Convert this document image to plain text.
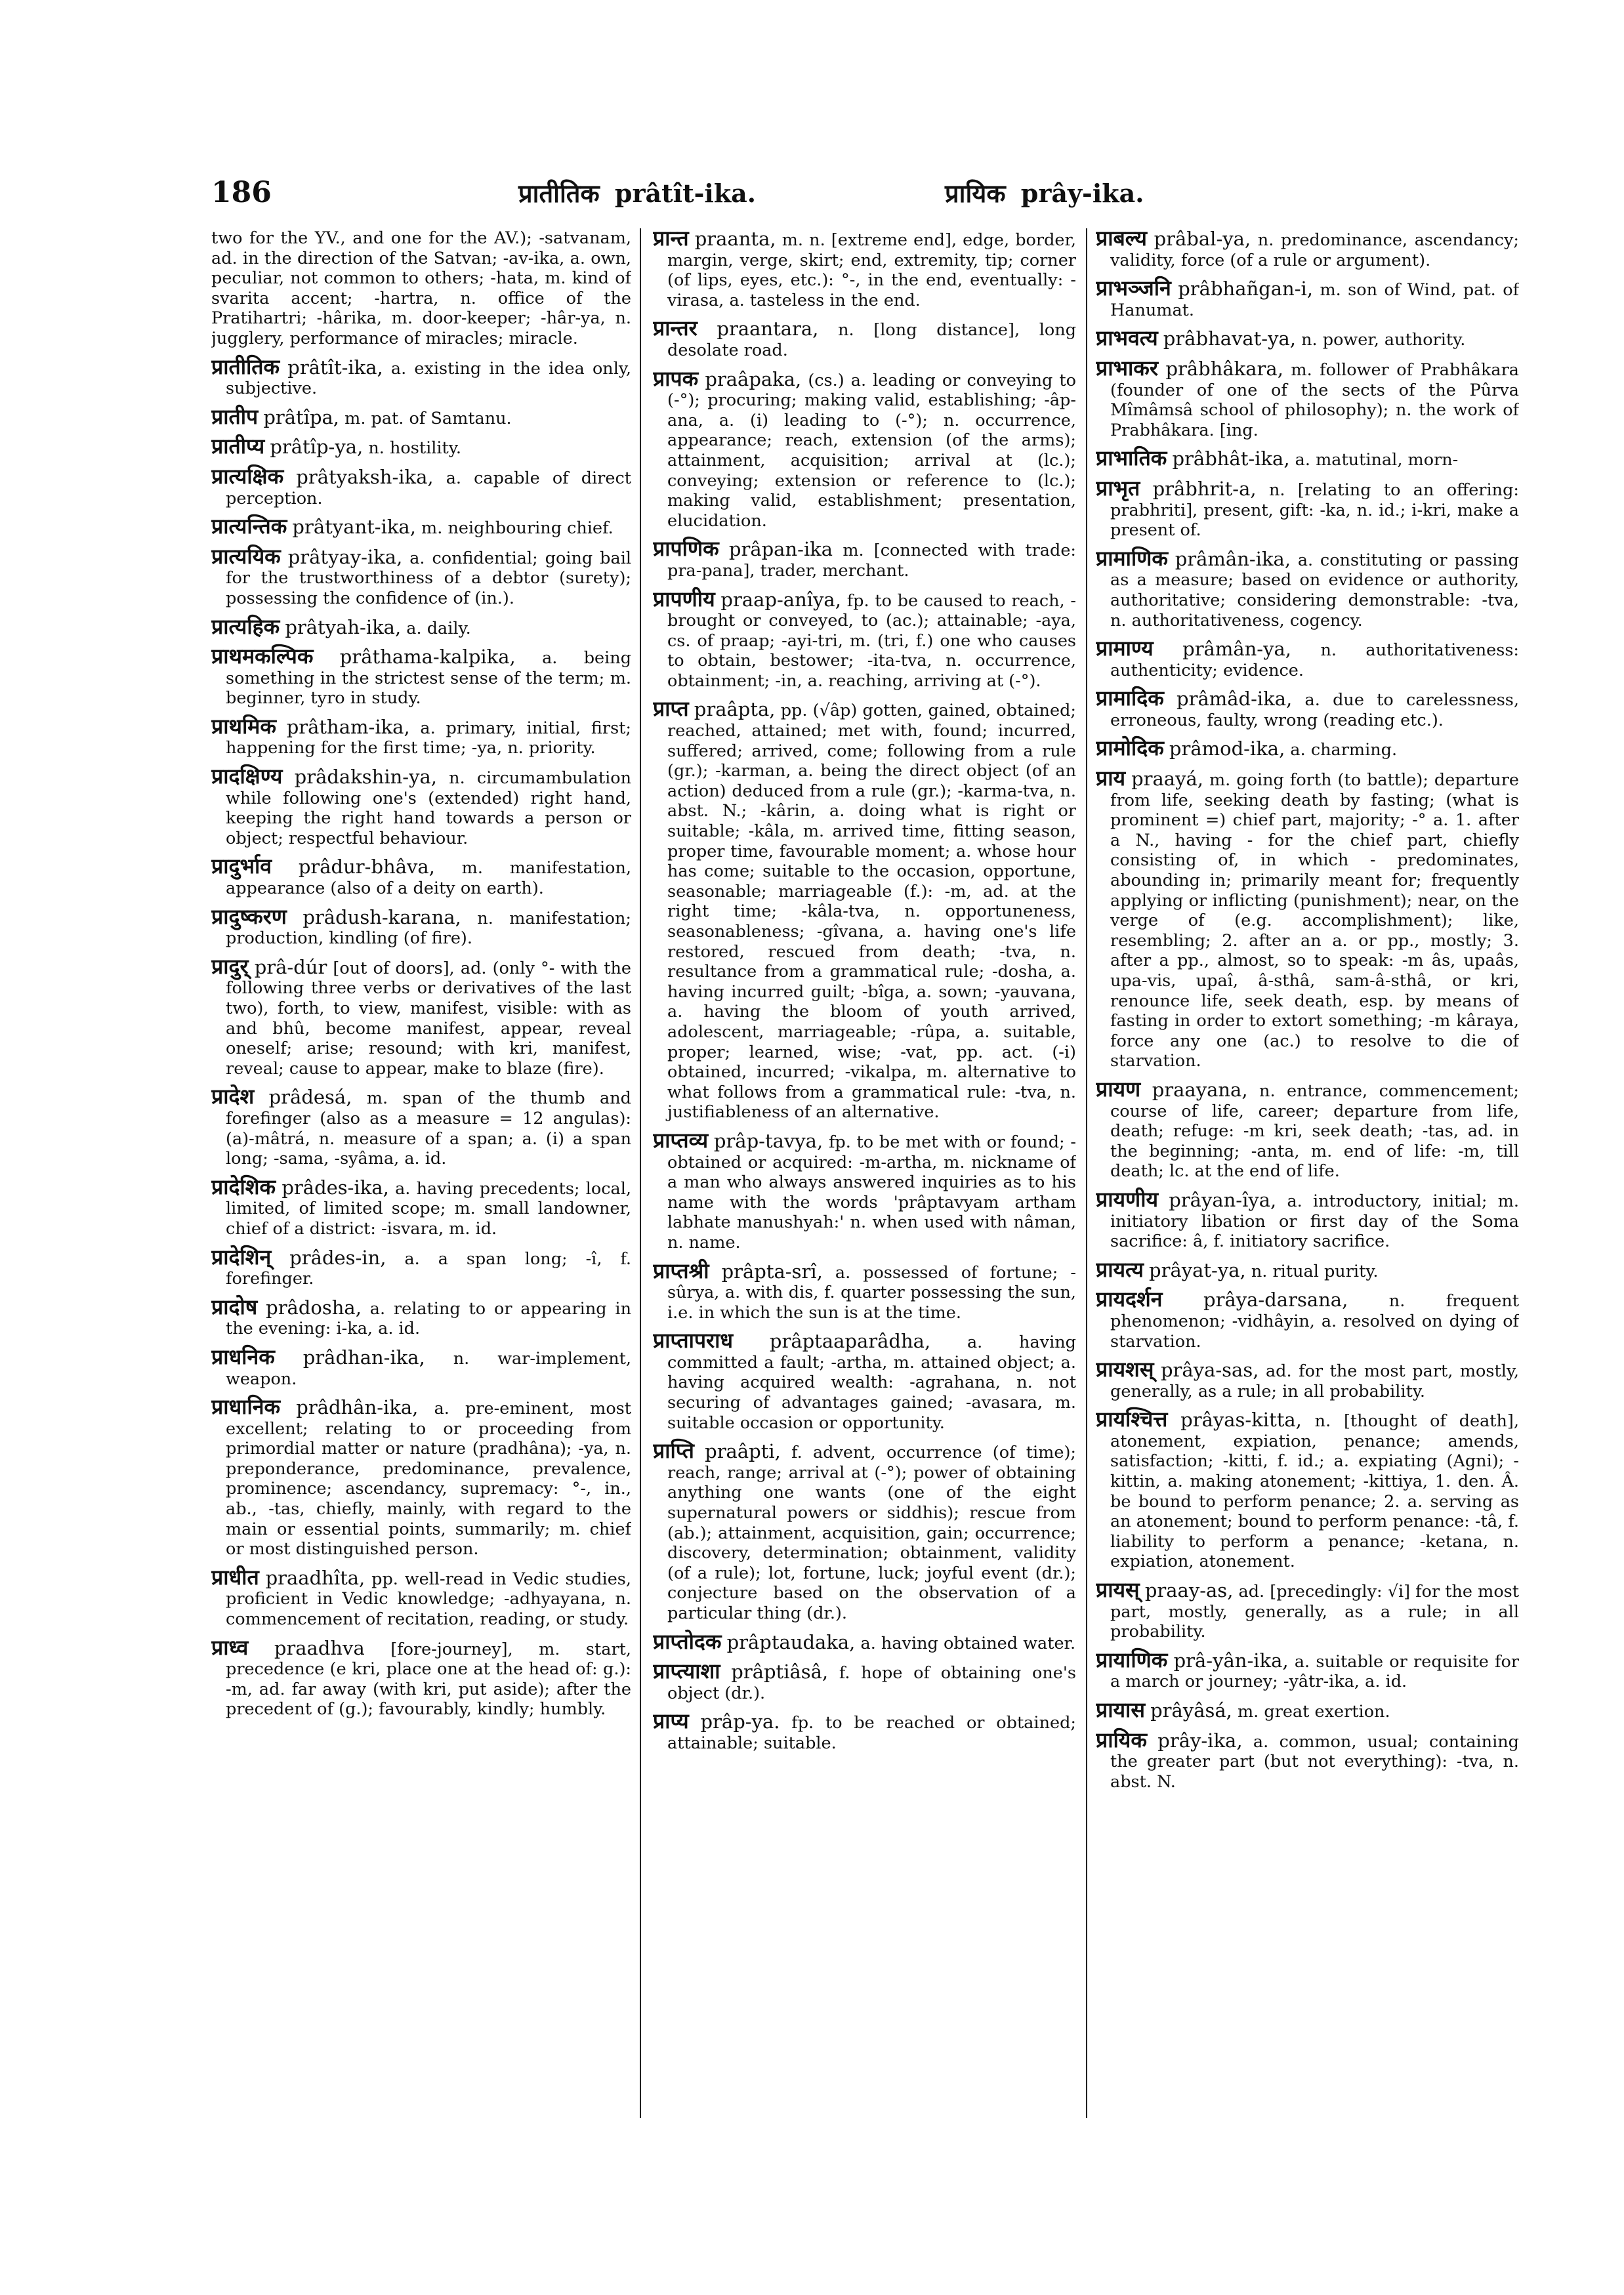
186	प्रातीतिक prâtît-ika.	प्रायिक prây-ika.

two for the YV., and one for the AV.); -satvanam, ad. in the direction of the Satvan; -av-ika, a. own, peculiar, not common to others; -hata, m. kind of svarita accent; -hartra, n. office of the Pratihartri; -hârika, m. door-keeper; -hâr-ya, n. jugglery, performance of miracles; miracle.

प्रातीतिक prâtît-ika, a. existing in the idea only, subjective.

प्रातीप prâtîpa, m. pat. of Samtanu.

प्रातीप्य prâtîp-ya, n. hostility.

प्रात्यक्षिक prâtyaksh-ika, a. capable of direct perception.

प्रात्यन्तिक prâtyant-ika, m. neighbouring chief.

प्रात्ययिक prâtyay-ika, a. confidential; going bail for the trustworthiness of a debtor (surety); possessing the confidence of (in.).

प्रात्यहिक prâtyah-ika, a. daily.

प्राथमकल्पिक prâthama-kalpika, a. being something in the strictest sense of the term; m. beginner, tyro in study.

प्राथमिक prâtham-ika, a. primary, initial, first; happening for the first time; -ya, n. priority.

प्रादक्षिण्य prâdakshin-ya, n. circumambulation while following one's (extended) right hand, keeping the right hand towards a person or object; respectful behaviour.

प्रादुर्भाव prâdur-bhâva, m. manifestation, appearance (also of a deity on earth).

प्रादुष्करण prâdush-karana, n. manifestation; production, kindling (of fire).

प्रादुर् prâ-dúr [out of doors], ad. (only °- with the following three verbs or derivatives of the last two), forth, to view, manifest, visible: with as and bhû, become manifest, appear, reveal oneself; arise; resound; with kri, manifest, reveal; cause to appear, make to blaze (fire).

प्रादेश prâdesá, m. span of the thumb and forefinger (also as a measure = 12 angulas): (a)-mâtrá, n. measure of a span; a. (i) a span long; -sama, -syâma, a. id.

प्रादेशिक prâdes-ika, a. having precedents; local, limited, of limited scope; m. small landowner, chief of a district: -isvara, m. id.

प्रादेशिन् prâdes-in, a. a span long; -î, f. forefinger.

प्रादोष prâdosha, a. relating to or appearing in the evening: i-ka, a. id.

प्राधनिक prâdhan-ika, n. war-implement, weapon.

प्राधानिक prâdhân-ika, a. pre-eminent, most excellent; relating to or proceeding from primordial matter or nature (pradhâna); -ya, n. preponderance, predominance, prevalence, prominence; ascendancy, supremacy: °-, in., ab., -tas, chiefly, mainly, with regard to the main or essential points, summarily; m. chief or most distinguished person.

प्राधीत praadhîta, pp. well-read in Vedic studies, proficient in Vedic knowledge; -adhyayana, n. commencement of recitation, reading, or study.

प्राध्व praadhva [fore-journey], m. start, precedence (e kri, place one at the head of: g.): -m, ad. far away (with kri, put aside); after the precedent of (g.); favourably, kindly; humbly.

प्रान्त praanta, m. n. [extreme end], edge, border, margin, verge, skirt; end, extremity, tip; corner (of lips, eyes, etc.): °-, in the end, eventually: -virasa, a. tasteless in the end.

प्रान्तर praantara, n. [long distance], long desolate road.

प्रापक praâpaka, (cs.) a. leading or conveying to (-°); procuring; making valid, establishing; -âp-ana, a. (i) leading to (-°); n. occurrence, appearance; reach, extension (of the arms); attainment, acquisition; arrival at (lc.); conveying; extension or reference to (lc.); making valid, establishment; presentation, elucidation.

प्रापणिक prâpan-ika m. [connected with trade: pra-pana], trader, merchant.

प्रापणीय praap-anîya, fp. to be caused to reach, - brought or conveyed, to (ac.); attainable; -aya, cs. of praap; -ayi-tri, m. (tri, f.) one who causes to obtain, bestower; -ita-tva, n. occurrence, obtainment; -in, a. reaching, arriving at (-°).

प्राप्त praâpta, pp. (√âp) gotten, gained, obtained; reached, attained; met with, found; incurred, suffered; arrived, come; following from a rule (gr.); -karman, a. being the direct object (of an action) deduced from a rule (gr.); -karma-tva, n. abst. N.; -kârin, a. doing what is right or suitable; -kâla, m. arrived time, fitting season, proper time, favourable moment; a. whose hour has come; suitable to the occasion, opportune, seasonable; marriageable (f.): -m, ad. at the right time; -kâla-tva, n. opportuneness, seasonableness; -gîvana, a. having one's life restored, rescued from death; -tva, n. resultance from a grammatical rule; -dosha, a. having incurred guilt; -bîga, a. sown; -yauvana, a. having the bloom of youth arrived, adolescent, marriageable; -rûpa, a. suitable, proper; learned, wise; -vat, pp. act. (-i) obtained, incurred; -vikalpa, m. alternative to what follows from a grammatical rule: -tva, n. justifiableness of an alternative.

प्राप्तव्य prâp-tavya, fp. to be met with or found; - obtained or acquired: -m-artha, m. nickname of a man who always answered inquiries as to his name with the words 'prâptavyam artham labhate manushyah:' n. when used with nâman, n. name.

प्राप्तश्री prâpta-srî, a. possessed of fortune; -sûrya, a. with dis, f. quarter possessing the sun, i.e. in which the sun is at the time.

प्राप्तापराध prâptaaparâdha, a. having committed a fault; -artha, m. attained object; a. having acquired wealth: -agrahana, n. not securing of advantages gained; -avasara, m. suitable occasion or opportunity.

प्राप्ति praâpti, f. advent, occurrence (of time); reach, range; arrival at (-°); power of obtaining anything one wants (one of the eight supernatural powers or siddhis); rescue from (ab.); attainment, acquisition, gain; occurrence; discovery, determination; obtainment, validity (of a rule); lot, fortune, luck; joyful event (dr.); conjecture based on the observation of a particular thing (dr.).

प्राप्तोदक prâptaudaka, a. having obtained water.

प्राप्त्याशा prâptiâsâ, f. hope of obtaining one's object (dr.).

प्राप्य prâp-ya. fp. to be reached or obtained; attainable; suitable.

प्राबल्य prâbal-ya, n. predominance, ascendancy; validity, force (of a rule or argument).

प्राभञ्जनि prâbhañgan-i, m. son of Wind, pat. of Hanumat.

प्राभवत्य prâbhavat-ya, n. power, authority.

प्राभाकर prâbhâkara, m. follower of Prabhâkara (founder of one of the sects of the Pûrva Mîmâmsâ school of philosophy); n. the work of Prabhâkara. [ing.

प्राभातिक prâbhât-ika, a. matutinal, morn-

प्राभृत prâbhrit-a, n. [relating to an offering: prabhriti], present, gift: -ka, n. id.; i-kri, make a present of.

प्रामाणिक prâmân-ika, a. constituting or passing as a measure; based on evidence or authority, authoritative; considering demonstrable: -tva, n. authoritativeness, cogency.

प्रामाण्य prâmân-ya, n. authoritativeness: authenticity; evidence.

प्रामादिक prâmâd-ika, a. due to carelessness, erroneous, faulty, wrong (reading etc.).

प्रामोदिक prâmod-ika, a. charming.

प्राय praayá, m. going forth (to battle); departure from life, seeking death by fasting; (what is prominent =) chief part, majority; -° a. 1. after a N., having - for the chief part, chiefly consisting of, in which - predominates, abounding in; primarily meant for; frequently applying or inflicting (punishment); near, on the verge of (e.g. accomplishment); like, resembling; 2. after an a. or pp., mostly; 3. after a pp., almost, so to speak: -m âs, upaâs, upa-vis, upaî, â-sthâ, sam-â-sthâ, or kri, renounce life, seek death, esp. by means of fasting in order to extort something; -m kâraya, force any one (ac.) to resolve to die of starvation.

प्रायण praayana, n. entrance, commencement; course of life, career; departure from life, death; refuge: -m kri, seek death; -tas, ad. in the beginning; -anta, m. end of life: -m, till death; lc. at the end of life.

प्रायणीय prâyan-îya, a. introductory, initial; m. initiatory libation or first day of the Soma sacrifice: â, f. initiatory sacrifice.

प्रायत्य prâyat-ya, n. ritual purity.

प्रायदर्शन prâya-darsana, n. frequent phenomenon; -vidhâyin, a. resolved on dying of starvation.

प्रायशस् prâya-sas, ad. for the most part, mostly, generally, as a rule; in all probability.

प्रायश्चित्त prâyas-kitta, n. [thought of death], atonement, expiation, penance; amends, satisfaction; -kitti, f. id.; a. expiating (Agni); -kittin, a. making atonement; -kittiya, 1. den. Â. be bound to perform penance; 2. a. serving as an atonement; bound to perform penance: -tâ, f. liability to perform a penance; -ketana, n. expiation, atonement.

प्रायस् praay-as, ad. [precedingly: √i] for the most part, mostly, generally, as a rule; in all probability.

प्रायाणिक prâ-yân-ika, a. suitable or requisite for a march or journey; -yâtr-ika, a. id.

प्रायास prâyâsá, m. great exertion.

प्रायिक prây-ika, a. common, usual; containing the greater part (but not everything): -tva, n. abst. N.
